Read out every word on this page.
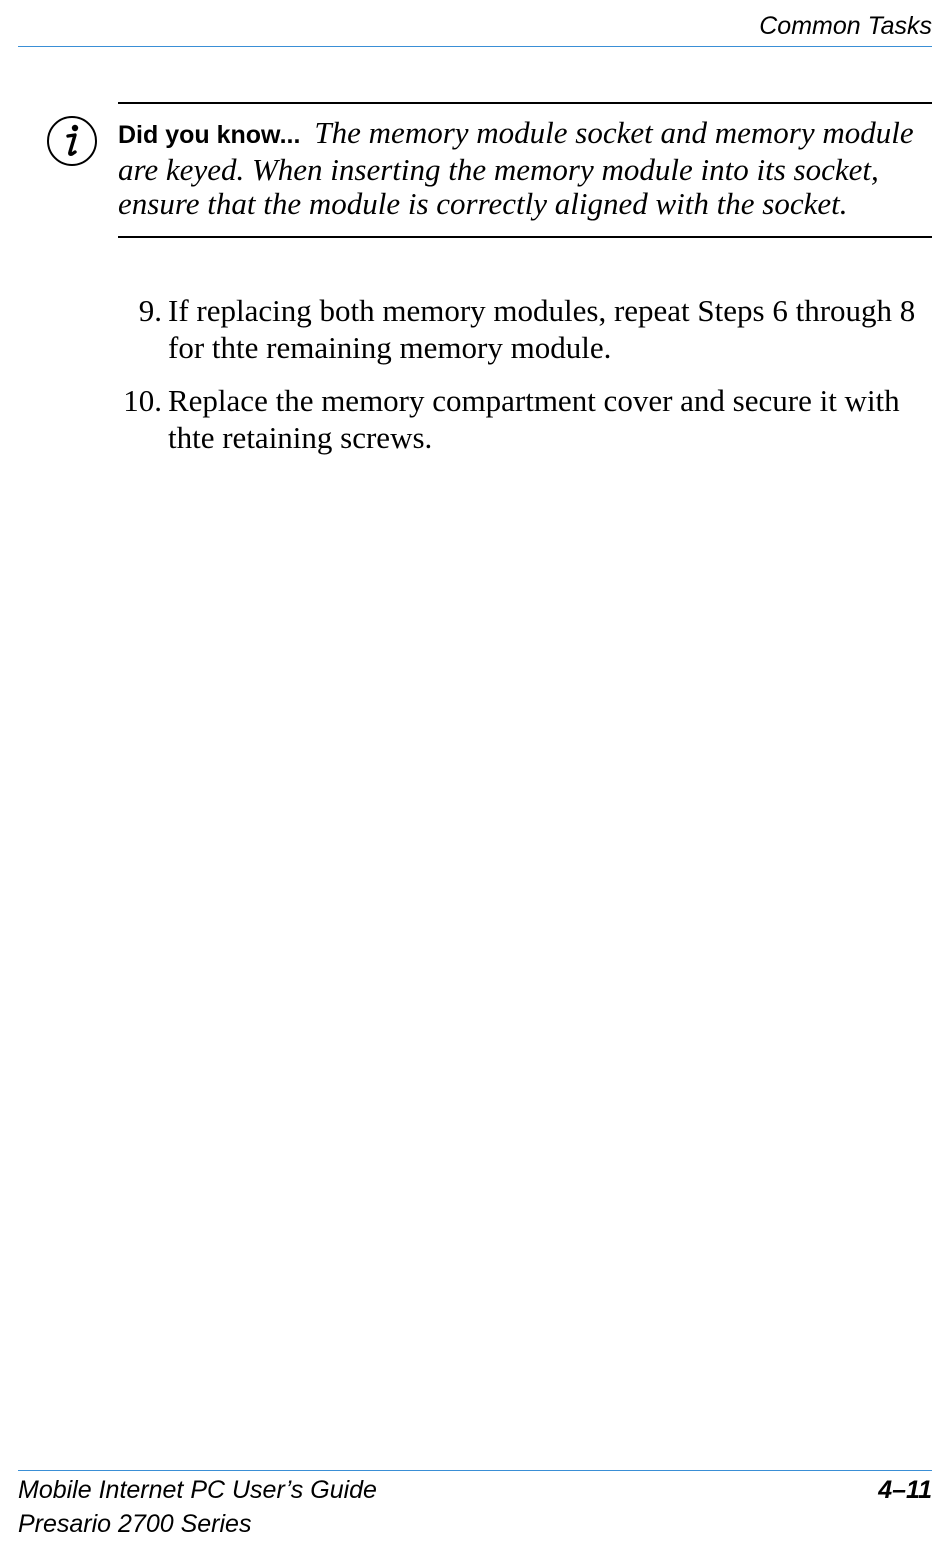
Common Tasks

Did you know... The memory module socket and memory module are keyed. When inserting the memory module into its socket, ensure that the module is correctly aligned with the socket.

9. If replacing both memory modules, repeat Steps 6 through 8 for thte remaining memory module.
10. Replace the memory compartment cover and secure it with thte retaining screws.
Mobile Internet PC User’s Guide
Presario 2700 Series
4–11
